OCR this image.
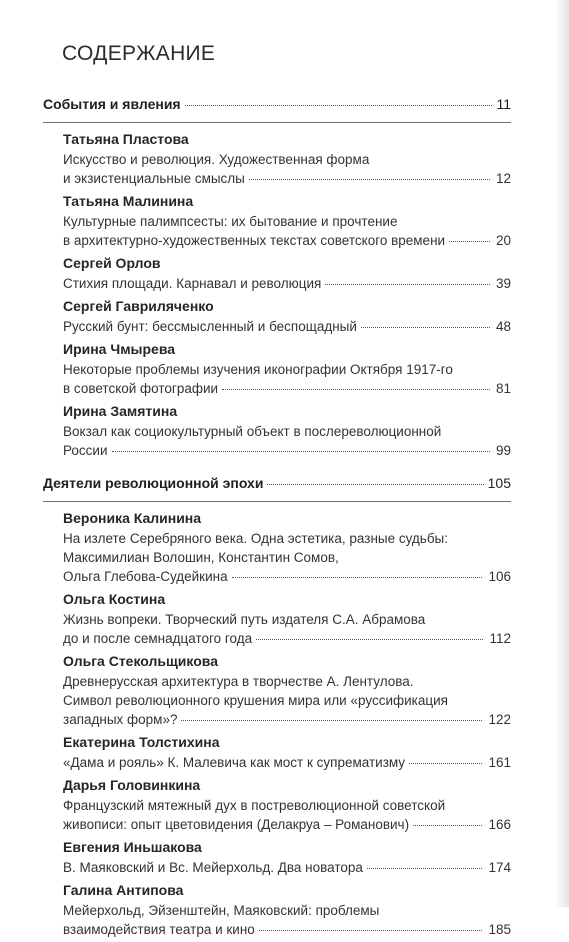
СОДЕРЖАНИЕ
События и явления	11
Татьяна Пластова
Искусство и революция. Художественная форма
и экзистенциальные смыслы	12
Татьяна Малинина
Культурные палимпсесты: их бытование и прочтение
в архитектурно-художественных текстах советского времени	20
Сергей Орлов
Стихия площади. Карнавал и революция	39
Сергей Гавриляченко
Русский бунт: бессмысленный и беспощадный	48
Ирина Чмырева
Некоторые проблемы изучения иконографии Октября 1917-го
в советской фотографии	81
Ирина Замятина
Вокзал как социокультурный объект в послереволюционной
России	99
Деятели революционной эпохи	105
Вероника Калинина
На излете Серебряного века. Одна эстетика, разные судьбы:
Максимилиан Волошин, Константин Сомов,
Ольга Глебова-Судейкина	106
Ольга Костина
Жизнь вопреки. Творческий путь издателя С.А. Абрамова
до и после семнадцатого года	112
Ольга Стекольщикова
Древнерусская архитектура в творчестве А. Лентулова.
Символ революционного крушения мира или «руссификация
западных форм»?	122
Екатерина Толстихина
«Дама и рояль» К. Малевича как мост к супрематизму	161
Дарья Головинкина
Французский мятежный дух в постреволюционной советской
живописи: опыт цветовидения (Делакруа – Романович)	166
Евгения Иньшакова
В. Маяковский и Вс. Мейерхольд. Два новатора	174
Галина Антипова
Мейерхольд, Эйзенштейн, Маяковский: проблемы
взаимодействия театра и кино	185
